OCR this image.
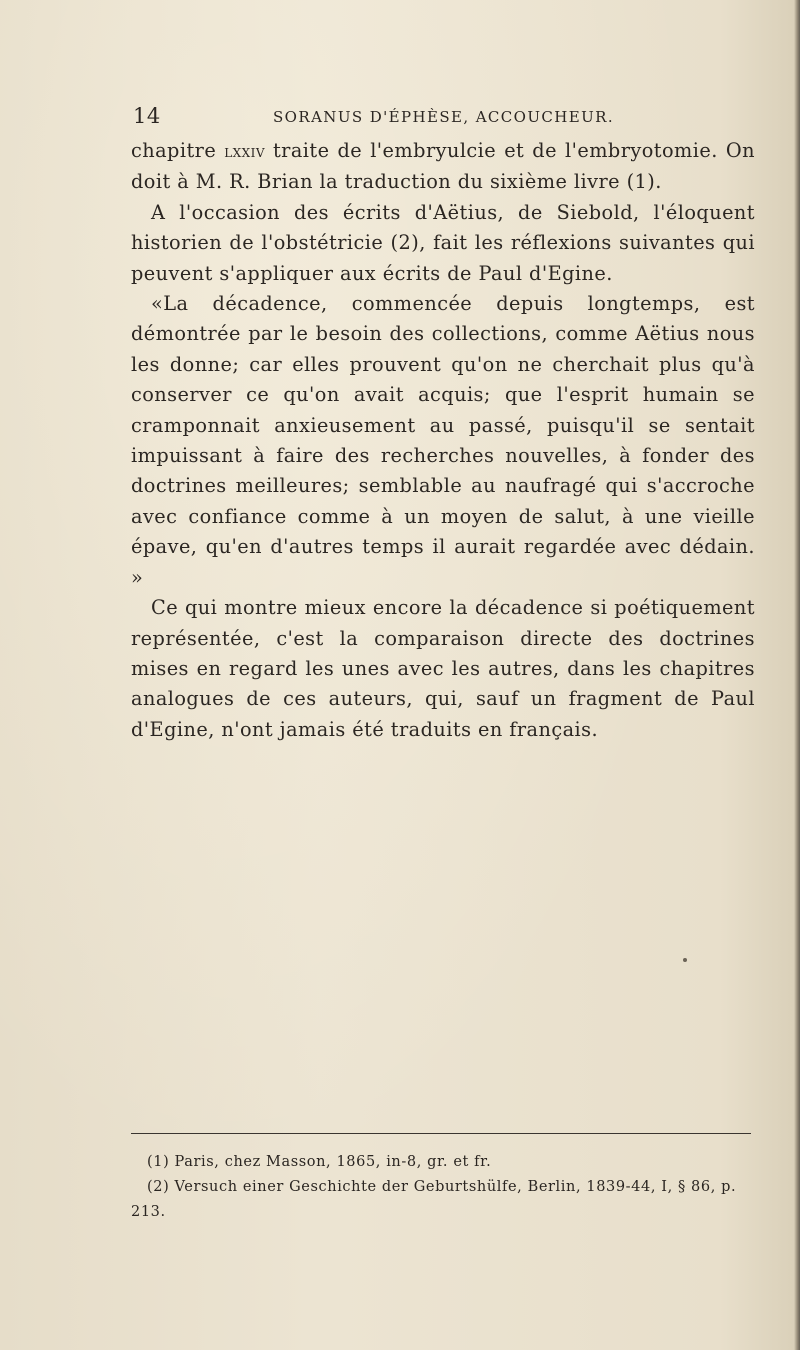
14	SORANUS D'ÉPHÈSE, ACCOUCHEUR.

chapitre lxxiv traite de l'embryulcie et de l'embryotomie. On doit à M. R. Brian la traduction du sixième livre (1).

A l'occasion des écrits d'Aëtius, de Siebold, l'éloquent historien de l'obstétricie (2), fait les réflexions suivantes qui peuvent s'appliquer aux écrits de Paul d'Egine.

«La décadence, commencée depuis longtemps, est démontrée par le besoin des collections, comme Aëtius nous les donne; car elles prouvent qu'on ne cherchait plus qu'à conserver ce qu'on avait acquis; que l'esprit humain se cramponnait anxieusement au passé, puisqu'il se sentait impuissant à faire des recherches nouvelles, à fonder des doctrines meilleures; semblable au naufragé qui s'accroche avec confiance comme à un moyen de salut, à une vieille épave, qu'en d'autres temps il aurait regardée avec dédain. »

Ce qui montre mieux encore la décadence si poétiquement représentée, c'est la comparaison directe des doctrines mises en regard les unes avec les autres, dans les chapitres analogues de ces auteurs, qui, sauf un fragment de Paul d'Egine, n'ont jamais été traduits en français.

(1) Paris, chez Masson, 1865, in-8, gr. et fr.

(2) Versuch einer Geschichte der Geburtshülfe, Berlin, 1839-44, I, § 86, p. 213.
